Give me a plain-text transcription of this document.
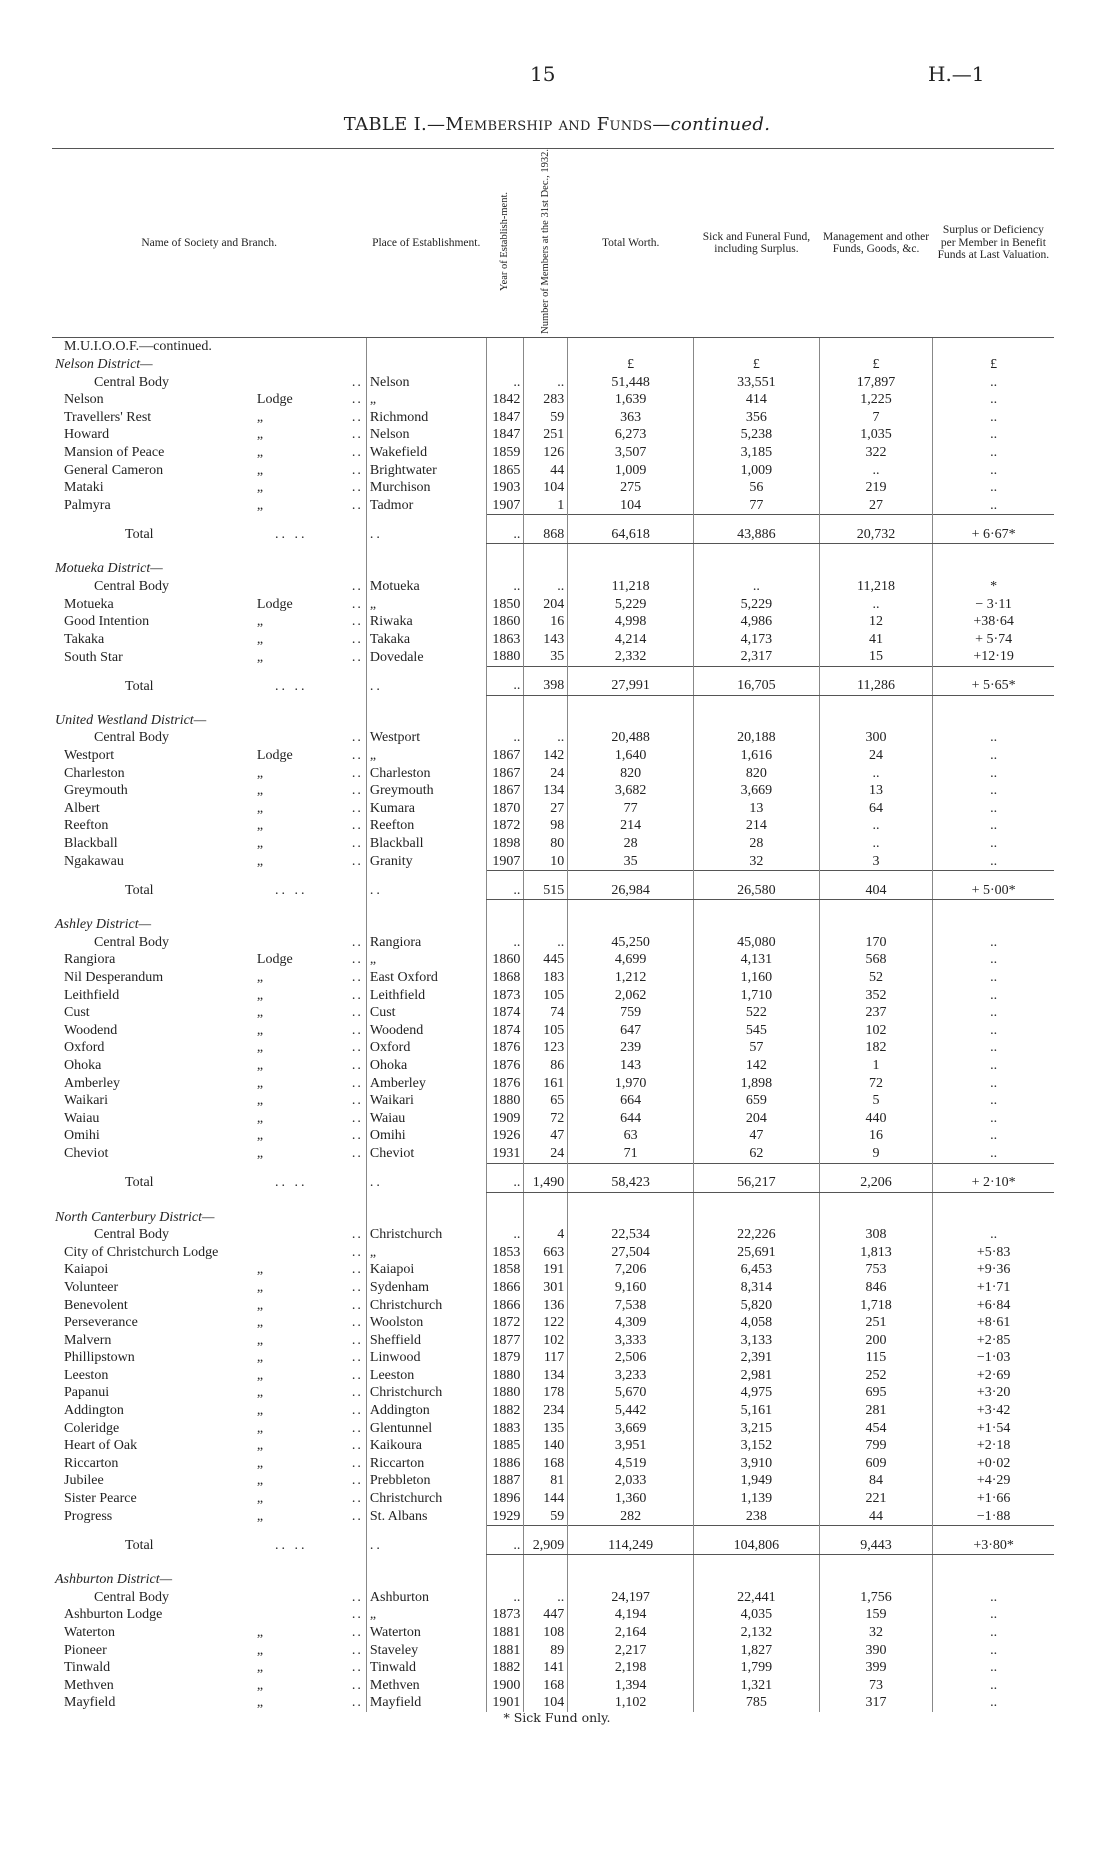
15	H.—1
TABLE I.—Membership and Funds—continued.
Name of Society and Branch.	Place of Establishment.	Year of Establish-ment.	Number of Members at the 31st Dec., 1932.	Total Worth.	Sick and Funeral Fund, including Surplus.	Management and other Funds, Goods, &c.	Surplus or Deficiency per Member in Benefit Funds at Last Valuation.
M.U.I.O.O.F.—continued.							
Nelson District—				£	£	£	£

Central Body ..	Nelson	..	..	51,448	33,551	17,897	..

Nelson Lodge ..	„	1842	283	1,639	414	1,225	..

Travellers' Rest „ ..	Richmond	1847	59	363	356	7	..

Howard „ ..	Nelson	1847	251	6,273	5,238	1,035	..

Mansion of Peace „ ..	Wakefield	1859	126	3,507	3,185	322	..

General Cameron „ ..	Brightwater	1865	44	1,009	1,009	..	..

Mataki „ ..	Murchison	1903	104	275	56	219	..

Palmyra „ ..	Tadmor	1907	1	104	77	27	..
Total .. ..	..	..	868	64,618	43,886	20,732	+ 6·67*

Motueka District—							

Central Body ..	Motueka	..	..	11,218	..	11,218	*

Motueka Lodge ..	„	1850	204	5,229	5,229	..	− 3·11

Good Intention „ ..	Riwaka	1860	16	4,998	4,986	12	+38·64

Takaka „ ..	Takaka	1863	143	4,214	4,173	41	+ 5·74

South Star „ ..	Dovedale	1880	35	2,332	2,317	15	+12·19
Total .. ..	..	..	398	27,991	16,705	11,286	+ 5·65*

United Westland District—							

Central Body ..	Westport	..	..	20,488	20,188	300	..

Westport Lodge ..	„	1867	142	1,640	1,616	24	..

Charleston „ ..	Charleston	1867	24	820	820	..	..

Greymouth „ ..	Greymouth	1867	134	3,682	3,669	13	..

Albert „ ..	Kumara	1870	27	77	13	64	..

Reefton „ ..	Reefton	1872	98	214	214	..	..

Blackball „ ..	Blackball	1898	80	28	28	..	..

Ngakawau „ ..	Granity	1907	10	35	32	3	..
Total .. ..	..	..	515	26,984	26,580	404	+ 5·00*

Ashley District—							

Central Body ..	Rangiora	..	..	45,250	45,080	170	..

Rangiora Lodge ..	„	1860	445	4,699	4,131	568	..

Nil Desperandum „ ..	East Oxford	1868	183	1,212	1,160	52	..

Leithfield „ ..	Leithfield	1873	105	2,062	1,710	352	..

Cust „ ..	Cust	1874	74	759	522	237	..

Woodend „ ..	Woodend	1874	105	647	545	102	..

Oxford „ ..	Oxford	1876	123	239	57	182	..

Ohoka „ ..	Ohoka	1876	86	143	142	1	..

Amberley „ ..	Amberley	1876	161	1,970	1,898	72	..

Waikari „ ..	Waikari	1880	65	664	659	5	..

Waiau „ ..	Waiau	1909	72	644	204	440	..

Omihi „ ..	Omihi	1926	47	63	47	16	..

Cheviot „ ..	Cheviot	1931	24	71	62	9	..
Total .. ..	..	..	1,490	58,423	56,217	2,206	+ 2·10*

North Canterbury District—							

Central Body ..	Christchurch	..	4	22,534	22,226	308	..

City of Christchurch Lodge ..	„	1853	663	27,504	25,691	1,813	+5·83

Kaiapoi „ ..	Kaiapoi	1858	191	7,206	6,453	753	+9·36

Volunteer „ ..	Sydenham	1866	301	9,160	8,314	846	+1·71

Benevolent „ ..	Christchurch	1866	136	7,538	5,820	1,718	+6·84

Perseverance „ ..	Woolston	1872	122	4,309	4,058	251	+8·61

Malvern „ ..	Sheffield	1877	102	3,333	3,133	200	+2·85

Phillipstown „ ..	Linwood	1879	117	2,506	2,391	115	−1·03

Leeston „ ..	Leeston	1880	134	3,233	2,981	252	+2·69

Papanui „ ..	Christchurch	1880	178	5,670	4,975	695	+3·20

Addington „ ..	Addington	1882	234	5,442	5,161	281	+3·42

Coleridge „ ..	Glentunnel	1883	135	3,669	3,215	454	+1·54

Heart of Oak „ ..	Kaikoura	1885	140	3,951	3,152	799	+2·18

Riccarton „ ..	Riccarton	1886	168	4,519	3,910	609	+0·02

Jubilee „ ..	Prebbleton	1887	81	2,033	1,949	84	+4·29

Sister Pearce „ ..	Christchurch	1896	144	1,360	1,139	221	+1·66

Progress „ ..	St. Albans	1929	59	282	238	44	−1·88
Total .. ..	..	..	2,909	114,249	104,806	9,443	+3·80*

Ashburton District—							

Central Body ..	Ashburton	..	..	24,197	22,441	1,756	..

Ashburton Lodge ..	„	1873	447	4,194	4,035	159	..

Waterton „ ..	Waterton	1881	108	2,164	2,132	32	..

Pioneer „ ..	Staveley	1881	89	2,217	1,827	390	..

Tinwald „ ..	Tinwald	1882	141	2,198	1,799	399	..

Methven „ ..	Methven	1900	168	1,394	1,321	73	..

Mayfield „ ..	Mayfield	1901	104	1,102	785	317	..
* Sick Fund only.
